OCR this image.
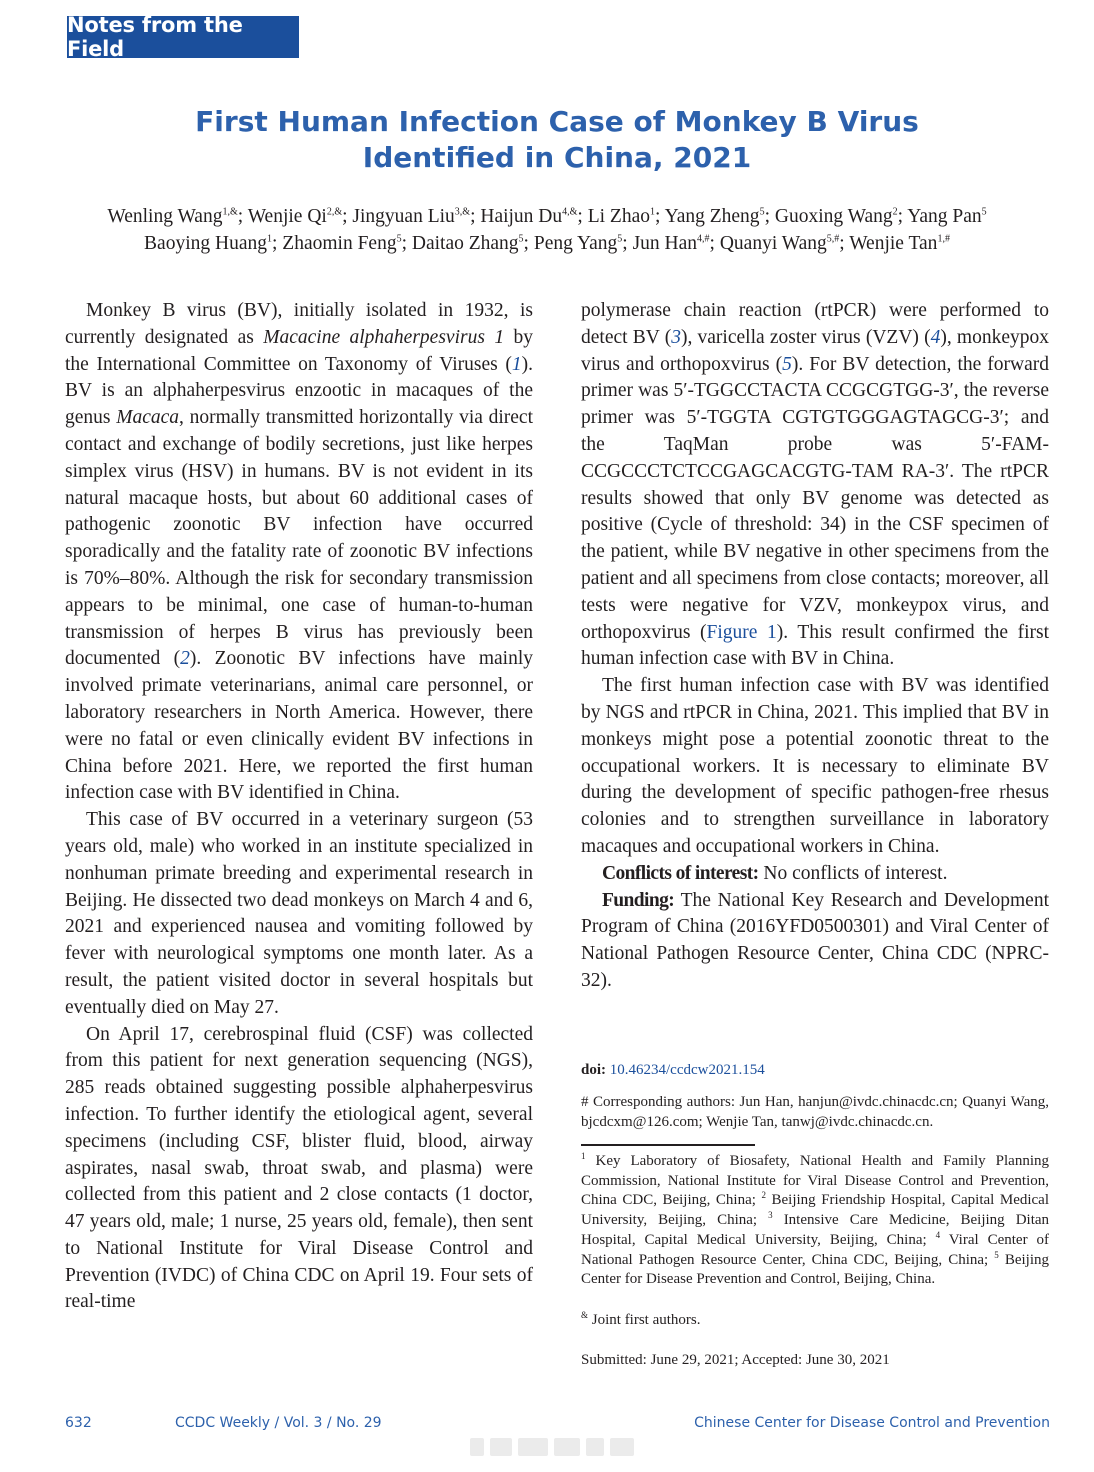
Notes from the Field
First Human Infection Case of Monkey B Virus
Identified in China, 2021
Wenling Wang$^{1,\&}$; Wenjie $Qi^{2,\&}$; Jingyuan Liu$^{3,\&}$; Haijun $Du^{4,\&}$; Li Zhao$^1$; Yang Zheng$^5$; Guoxing Wang$^2$; Yang Pan$^5$
Baoying Huang$^1$; Zhaomin Feng$^5$; Daitao Zhang$^5$; Peng Yang$^5$; Jun Han$^{4,\#}$; Quanyi Wang$^{5,\#}$; Wenjie Tan$^{1,\#}$

Monkey B virus (BV), initially isolated in 1932, is currently designated as Macacine alphaherpesvirus 1 by the International Committee on Taxonomy of Viruses (1). BV is an alphaherpesvirus enzootic in macaques of the genus Macaca, normally transmitted horizontally via direct contact and exchange of bodily secretions, just like herpes simplex virus (HSV) in humans. BV is not evident in its natural macaque hosts, but about 60 additional cases of pathogenic zoonotic BV infection have occurred sporadically and the fatality rate of zoonotic BV infections is 70%–80%. Although the risk for secondary transmission appears to be minimal, one case of human-to-human transmission of herpes B virus has previously been documented (2). Zoonotic BV infections have mainly involved primate veterinarians, animal care personnel, or laboratory researchers in North America. However, there were no fatal or even clinically evident BV infections in China before 2021. Here, we reported the first human infection case with BV identified in China.

This case of BV occurred in a veterinary surgeon (53 years old, male) who worked in an institute specialized in nonhuman primate breeding and experimental research in Beijing. He dissected two dead monkeys on March 4 and 6, 2021 and experienced nausea and vomiting followed by fever with neurological symptoms one month later. As a result, the patient visited doctor in several hospitals but eventually died on May 27.

On April 17, cerebrospinal fluid (CSF) was collected from this patient for next generation sequencing (NGS), 285 reads obtained suggesting possible alphaherpesvirus infection. To further identify the etiological agent, several specimens (including CSF, blister fluid, blood, airway aspirates, nasal swab, throat swab, and plasma) were collected from this patient and 2 close contacts (1 doctor, 47 years old, male; 1 nurse, 25 years old, female), then sent to National Institute for Viral Disease Control and Prevention (IVDC) of China CDC on April 19. Four sets of real-time

polymerase chain reaction (rtPCR) were performed to detect BV (3), varicella zoster virus (VZV) (4), monkeypox virus and orthopoxvirus (5). For BV detection, the forward primer was 5′-TGGCCTACTA CCGCGTGG-3′, the reverse primer was 5′-TGGTA CGTGTGGGAGTAGCG-3′; and the TaqMan probe was 5′-FAM-CCGCCCTCTCCGAGCACGTG-TAM RA-3′. The rtPCR results showed that only BV genome was detected as positive (Cycle of threshold: 34) in the CSF specimen of the patient, while BV negative in other specimens from the patient and all specimens from close contacts; moreover, all tests were negative for VZV, monkeypox virus, and orthopoxvirus (Figure 1). This result confirmed the first human infection case with BV in China.

The first human infection case with BV was identified by NGS and rtPCR in China, 2021. This implied that BV in monkeys might pose a potential zoonotic threat to the occupational workers. It is necessary to eliminate BV during the development of specific pathogen-free rhesus colonies and to strengthen surveillance in laboratory macaques and occupational workers in China.

Conflicts of interest: No conflicts of interest.

Funding: The National Key Research and Development Program of China (2016YFD0500301) and Viral Center of National Pathogen Resource Center, China CDC (NPRC-32).

doi: 10.46234/ccdcw2021.154
# Corresponding authors: Jun Han, hanjun@ivdc.chinacdc.cn; Quanyi Wang, bjcdcxm@126.com; Wenjie Tan, tanwj@ivdc.chinacdc.cn.
$^1$ Key Laboratory of Biosafety, National Health and Family Planning Commission, National Institute for Viral Disease Control and Prevention, China CDC, Beijing, China; $^2$ Beijing Friendship Hospital, Capital Medical University, Beijing, China; $^3$ Intensive Care Medicine, Beijing Ditan Hospital, Capital Medical University, Beijing, China; $^4$ Viral Center of National Pathogen Resource Center, China CDC, Beijing, China; $^5$ Beijing Center for Disease Prevention and Control, Beijing, China.
& Joint first authors.
Submitted: June 29, 2021; Accepted: June 30, 2021
632	CCDC Weekly / Vol. 3 / No. 29	Chinese Center for Disease Control and Prevention
